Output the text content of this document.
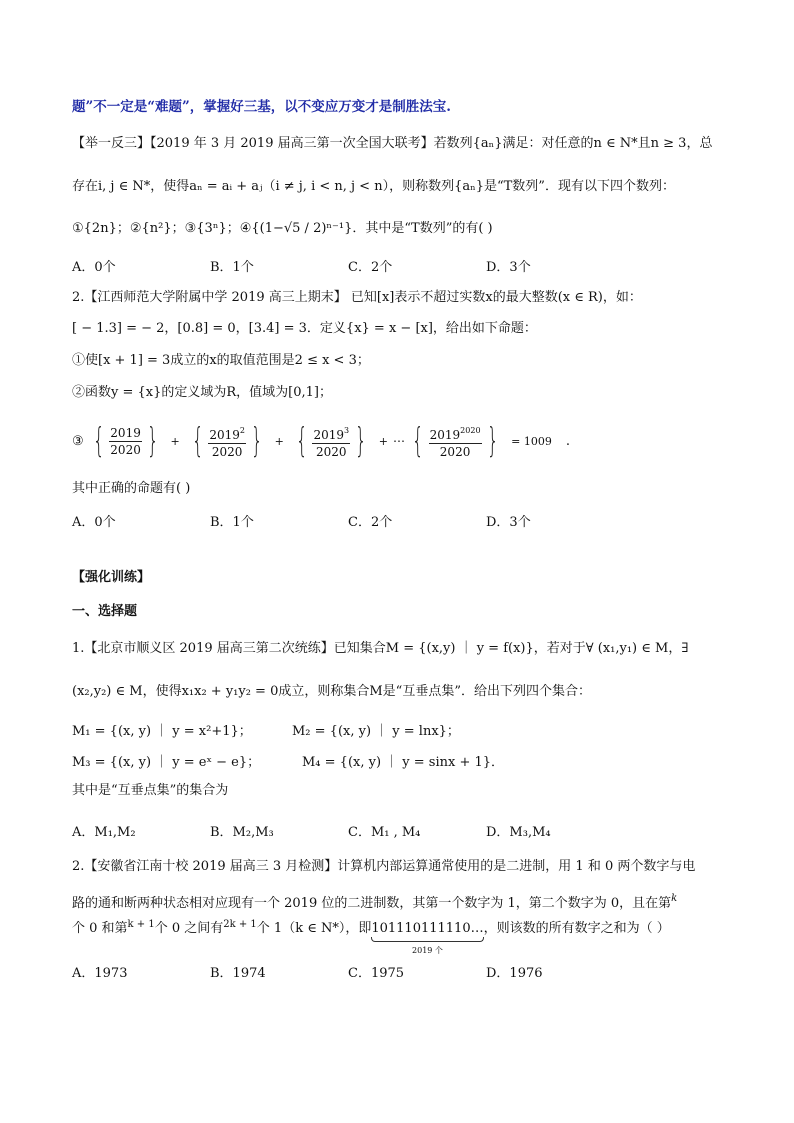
题”不一定是“难题”，掌握好三基，以不变应万变才是制胜法宝.
【举一反三】【2019 年 3 月 2019 届高三第一次全国大联考】若数列{aₙ}满足：对任意的n ∈ N*且n ≥ 3，总
存在i, j ∈ N*，使得aₙ = aᵢ + aⱼ（i ≠ j, i < n, j < n），则称数列{aₙ}是“T数列”．现有以下四个数列：
①{2n}；②{n²}；③{3ⁿ}；④{(1−√5 / 2)ⁿ⁻¹}．其中是“T数列”的有( )
A．0个	B．1个	C．2个	D．3个
2.【江西师范大学附属中学 2019 高三上期末】 已知[x]表示不超过实数x的最大整数(x ∈ R)，如：
[ − 1.3] = − 2，[0.8] = 0，[3.4] = 3．定义{x} = x − [x]，给出如下命题：
①使[x + 1] = 3成立的x的取值范围是2 ≤ x < 3；
②函数y = {x}的定义域为R，值域为[0,1]；
③ { $\frac{2019}{2020}$ } + { $\frac{2019^2}{2020}$ } + { $\frac{2019^3}{2020}$ } + ⋯ { $\frac{2019^{2020}}{2020}$ } = 1009 .
其中正确的命题有( )
A．0个	B．1个	C．2个	D．3个
【强化训练】
一、选择题
1.【北京市顺义区 2019 届高三第二次统练】已知集合M = {(x,y) ｜ y = f(x)}，若对于∀ (x₁,y₁) ∈ M，∃
(x₂,y₂) ∈ M，使得x₁x₂ + y₁y₂ = 0成立，则称集合M是“互垂点集”．给出下列四个集合：
M₁ = {(x, y) ｜ y = x²+1}；	M₂ = {(x, y) ｜ y = lnx}；
M₃ = {(x, y) ｜ y = eˣ − e}；	M₄ = {(x, y) ｜ y = sinx + 1}．
其中是“互垂点集”的集合为
A．M₁,M₂	B．M₂,M₃	C．M₁ , M₄	D．M₃,M₄
2.【安徽省江南十校 2019 届高三 3 月检测】计算机内部运算通常使用的是二进制，用 1 和 0 两个数字与电
路的通和断两种状态相对应现有一个 2019 位的二进制数，其第一个数字为 1，第二个数字为 0，且在第$^k$
个 0 和第$^{k + 1}$个 0 之间有$^{2k + 1}$个 1（k ∈ N*），即101110111110…
2019 个
，则该数的所有数字之和为（ ）
A．1973	B．1974	C．1975	D．1976
